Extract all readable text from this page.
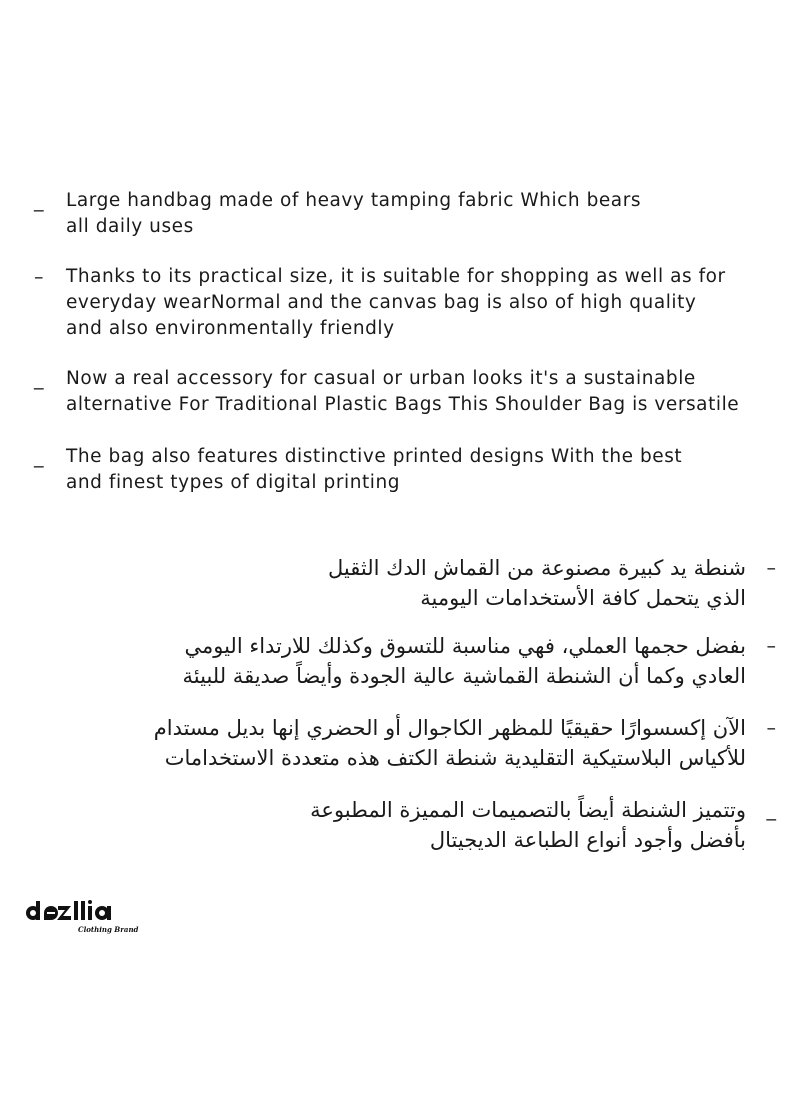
_	Large handbag made of heavy tamping fabric Which bears
all daily uses
–	Thanks to its practical size, it is suitable for shopping as well as for
everyday wearNormal and the canvas bag is also of high quality
and also environmentally friendly
_	Now a real accessory for casual or urban looks it's a sustainable
alternative For Traditional Plastic Bags This Shoulder Bag is versatile
_	The bag also features distinctive printed designs With the best
and finest types of digital printing
–
شنطة يد كبيرة مصنوعة من القماش الدك الثقيل
الذي يتحمل كافة الأستخدامات اليومية
–
بفضل حجمها العملي، فهي مناسبة للتسوق وكذلك للارتداء اليومي
العادي وكما أن الشنطة القماشية عالية الجودة وأيضاً صديقة للبيئة
–
الآن إكسسوارًا حقيقيًا للمظهر الكاجوال أو الحضري إنها بديل مستدام
للأكياس البلاستيكية التقليدية شنطة الكتف هذه متعددة الاستخدامات
_
وتتميز الشنطة أيضاً بالتصميمات المميزة المطبوعة
بأفضل وأجود أنواع الطباعة الديجيتال
Clothing Brand
